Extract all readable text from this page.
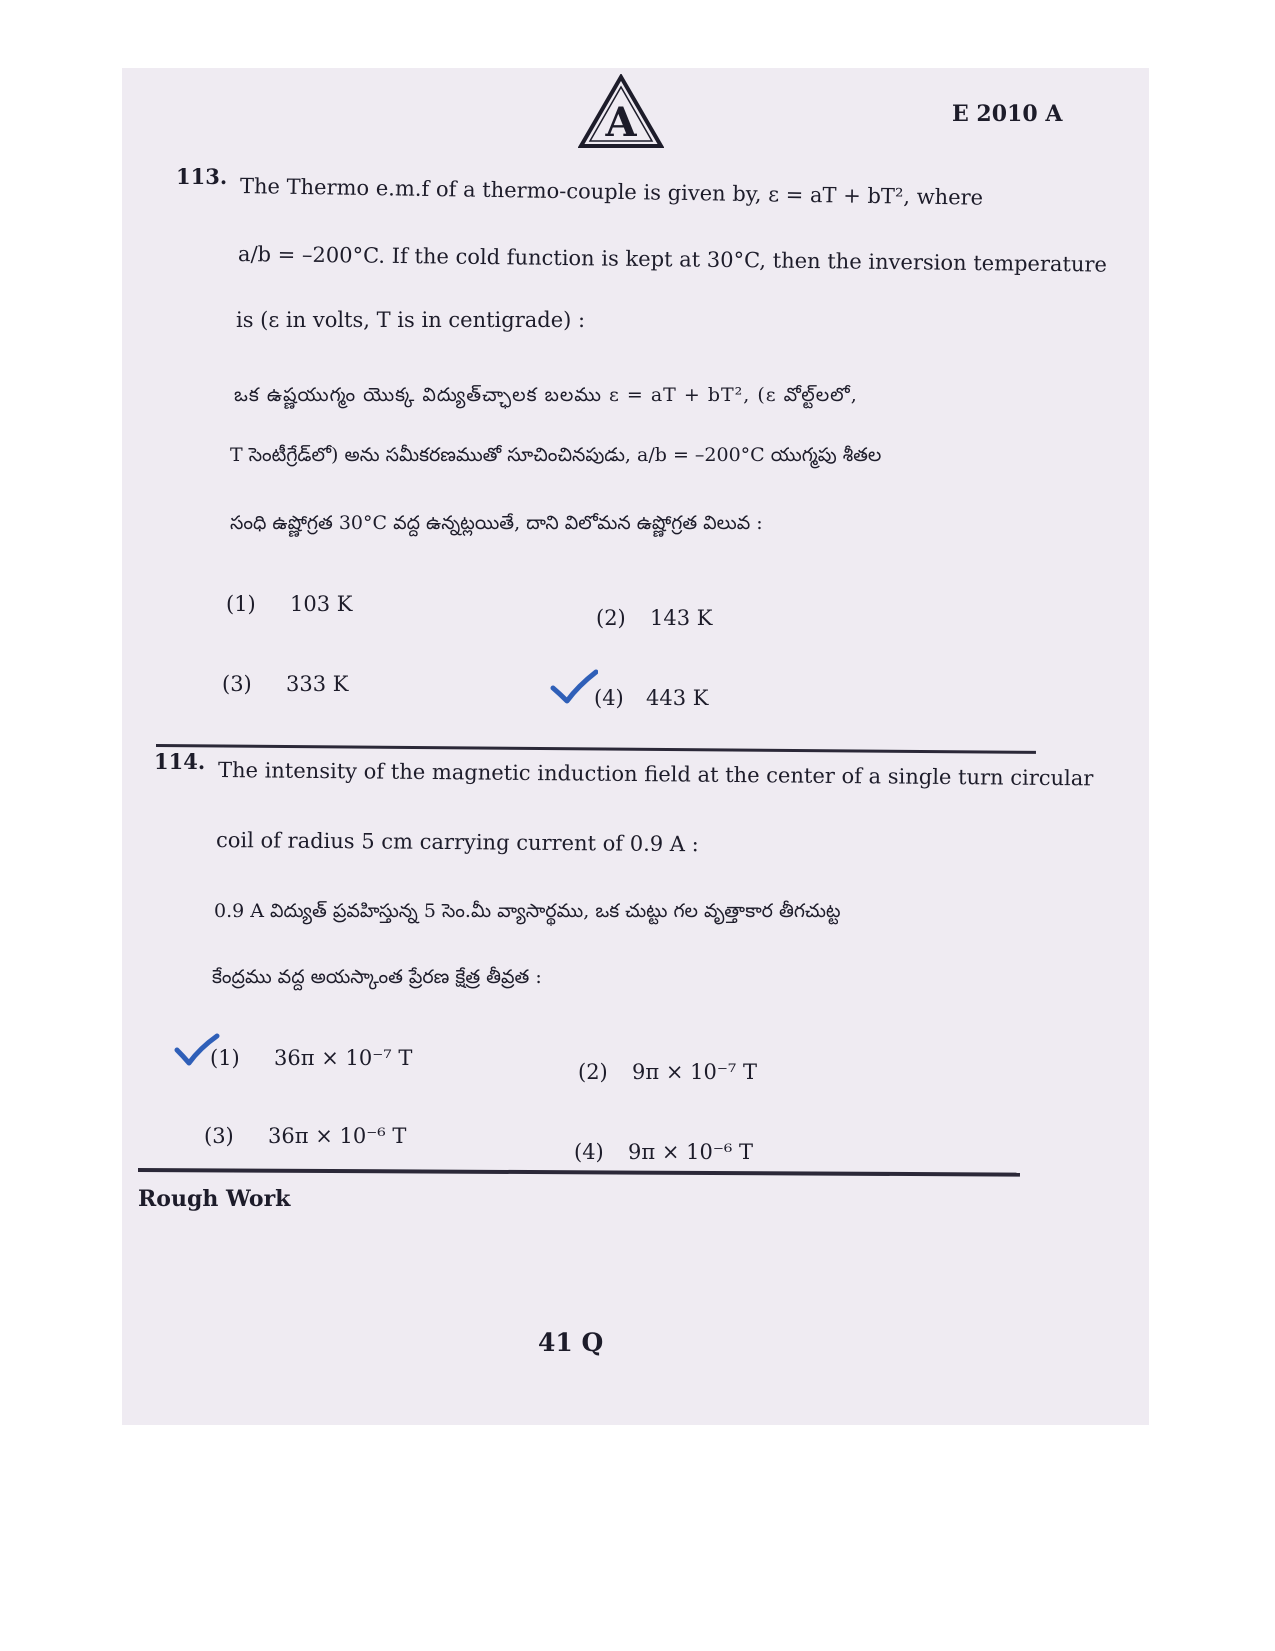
A	E 2010 A
113. The Thermo e.m.f of a thermo-couple is given by, ε = aT + bT², where
a/b = –200°C. If the cold function is kept at 30°C, then the inversion temperature
is (ε in volts, T is in centigrade) :
ఒక ఉష్ణయుగ్మం యొక్క విద్యుత్‌చ్ఛాలక బలము ε = aT + bT², (ε వోల్ట్‌లలో,
T సెంటీగ్రేడ్‌లో) అను సమీకరణముతో సూచించినపుడు, a/b = –200°C యుగ్మపు శీతల
సంధి ఉష్ణోగ్రత 30°C వద్ద ఉన్నట్లయితే, దాని విలోమన ఉష్ణోగ్రత విలువ :
(1) 103 K
(2) 143 K
(3) 333 K
(4) 443 K
114. The intensity of the magnetic induction field at the center of a single turn circular
coil of radius 5 cm carrying current of 0.9 A :
0.9 A విద్యుత్ ప్రవహిస్తున్న 5 సెం.మీ వ్యాసార్థము, ఒక చుట్టు గల వృత్తాకార తీగచుట్ట
కేంద్రము వద్ద అయస్కాంత ప్రేరణ క్షేత్ర తీవ్రత :
(1) 36π × 10⁻⁷ T
(2) 9π × 10⁻⁷ T
(3) 36π × 10⁻⁶ T
(4) 9π × 10⁻⁶ T
Rough Work
41 Q
